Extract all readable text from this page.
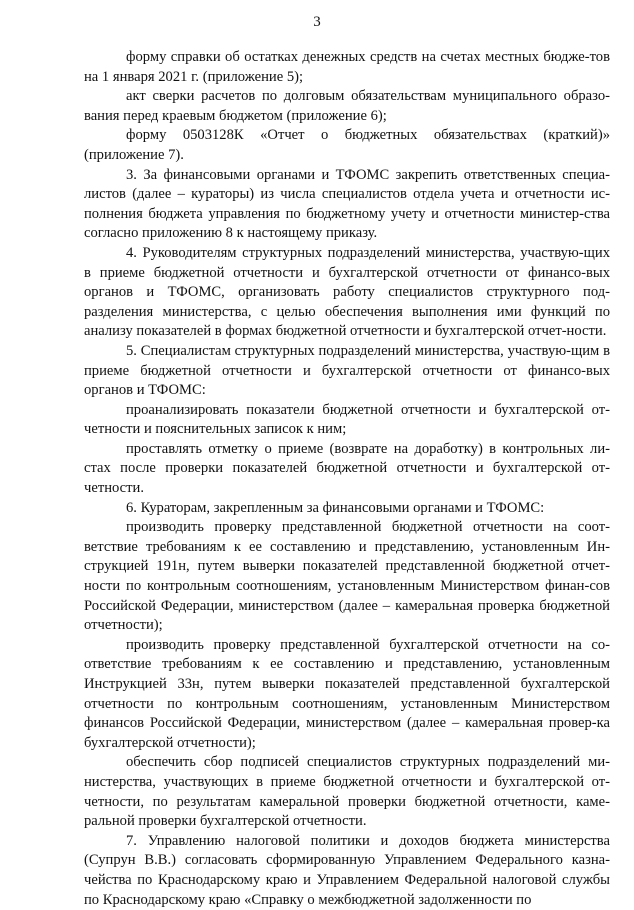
3

форму справки об остатках денежных средств на счетах местных бюдже-тов на 1 января 2021 г. (приложение 5);

акт сверки расчетов по долговым обязательствам муниципального образо-вания перед краевым бюджетом (приложение 6);

форму 0503128К «Отчет о бюджетных обязательствах (краткий)» (приложение 7).

3. За финансовыми органами и ТФОМС закрепить ответственных специа-листов (далее – кураторы) из числа специалистов отдела учета и отчетности ис-полнения бюджета управления по бюджетному учету и отчетности министер-ства согласно приложению 8 к настоящему приказу.

4. Руководителям структурных подразделений министерства, участвую-щих в приеме бюджетной отчетности и бухгалтерской отчетности от финансо-вых органов и ТФОМС, организовать работу специалистов структурного под-разделения министерства, с целью обеспечения выполнения ими функций по анализу показателей в формах бюджетной отчетности и бухгалтерской отчет-ности.

5. Специалистам структурных подразделений министерства, участвую-щим в приеме бюджетной отчетности и бухгалтерской отчетности от финансо-вых органов и ТФОМС:

проанализировать показатели бюджетной отчетности и бухгалтерской от-четности и пояснительных записок к ним;

проставлять отметку о приеме (возврате на доработку) в контрольных ли-стах после проверки показателей бюджетной отчетности и бухгалтерской от-четности.

6. Кураторам, закрепленным за финансовыми органами и ТФОМС:

производить проверку представленной бюджетной отчетности на соот-ветствие требованиям к ее составлению и представлению, установленным Ин-струкцией 191н, путем выверки показателей представленной бюджетной отчет-ности по контрольным соотношениям, установленным Министерством финан-сов Российской Федерации, министерством (далее – камеральная проверка бюджетной отчетности);

производить проверку представленной бухгалтерской отчетности на со-ответствие требованиям к ее составлению и представлению, установленным Инструкцией 33н, путем выверки показателей представленной бухгалтерской отчетности по контрольным соотношениям, установленным Министерством финансов Российской Федерации, министерством (далее – камеральная провер-ка бухгалтерской отчетности);

обеспечить сбор подписей специалистов структурных подразделений ми-нистерства, участвующих в приеме бюджетной отчетности и бухгалтерской от-четности, по результатам камеральной проверки бюджетной отчетности, каме-ральной проверки бухгалтерской отчетности.

7. Управлению налоговой политики и доходов бюджета министерства (Супрун В.В.) согласовать сформированную Управлением Федерального казна-чейства по Краснодарскому краю и Управлением Федеральной налоговой службы по Краснодарскому краю «Справку о межбюджетной задолженности по
